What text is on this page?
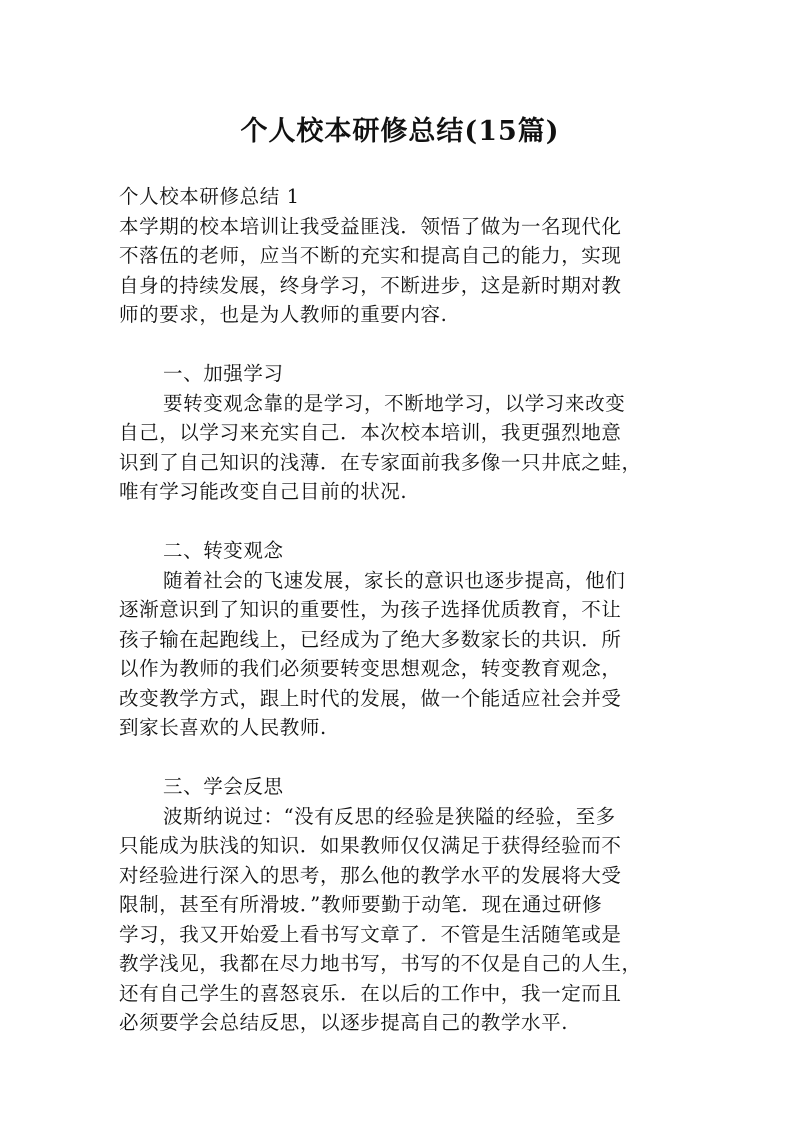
个人校本研修总结(15篇)
个人校本研修总结 1
本学期的校本培训让我受益匪浅．领悟了做为一名现代化
不落伍的老师，应当不断的充实和提高自己的能力，实现
自身的持续发展，终身学习，不断进步，这是新时期对教
师的要求，也是为人教师的重要内容.
一、加强学习
要转变观念靠的是学习，不断地学习，以学习来改变
自己，以学习来充实自己．本次校本培训，我更强烈地意
识到了自己知识的浅薄．在专家面前我多像一只井底之蛙，
唯有学习能改变自己目前的状况.
二、转变观念
随着社会的飞速发展，家长的意识也逐步提高，他们
逐渐意识到了知识的重要性，为孩子选择优质教育，不让
孩子输在起跑线上，已经成为了绝大多数家长的共识．所
以作为教师的我们必须要转变思想观念，转变教育观念，
改变教学方式，跟上时代的发展，做一个能适应社会并受
到家长喜欢的人民教师.
三、学会反思
波斯纳说过：“没有反思的经验是狭隘的经验，至多
只能成为肤浅的知识．如果教师仅仅满足于获得经验而不
对经验进行深入的思考，那么他的教学水平的发展将大受
限制，甚至有所滑坡．”教师要勤于动笔．现在通过研修
学习，我又开始爱上看书写文章了．不管是生活随笔或是
教学浅见，我都在尽力地书写，书写的不仅是自己的人生，
还有自己学生的喜怒哀乐．在以后的工作中，我一定而且
必须要学会总结反思，以逐步提高自己的教学水平.
